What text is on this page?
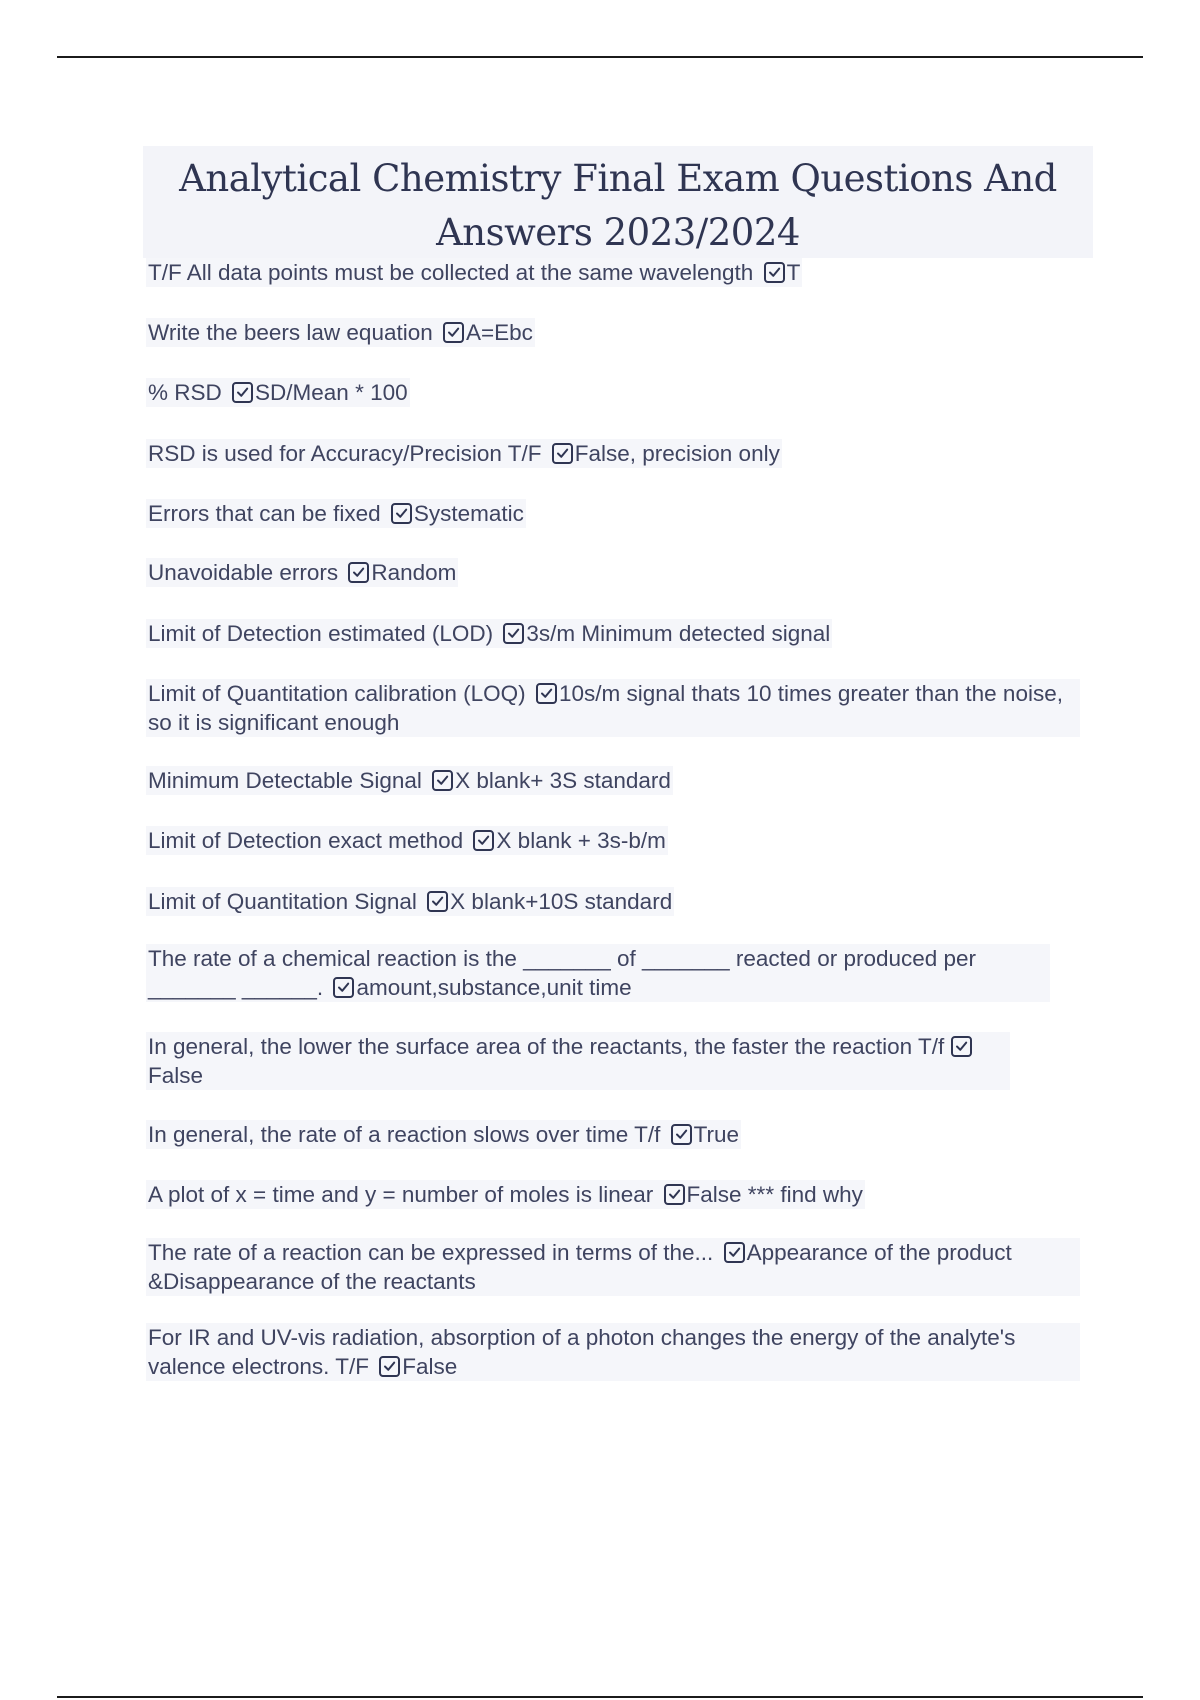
Analytical Chemistry Final Exam Questions And Answers 2023/2024
T/F All data points must be collected at the same wavelength T
Write the beers law equation A=Ebc
% RSD SD/Mean * 100
RSD is used for Accuracy/Precision T/F False, precision only
Errors that can be fixed Systematic
Unavoidable errors Random
Limit of Detection estimated (LOD) 3s/m Minimum detected signal
Limit of Quantitation calibration (LOQ) 10s/m signal thats 10 times greater than the noise, so it is significant enough
Minimum Detectable Signal X blank+ 3S standard
Limit of Detection exact method X blank + 3s-b/m
Limit of Quantitation Signal X blank+10S standard
The rate of a chemical reaction is the _______ of _______ reacted or produced per _______ ______. amount,substance,unit time
In general, the lower the surface area of the reactants, the faster the reaction T/f
False
In general, the rate of a reaction slows over time T/f True
A plot of x = time and y = number of moles is linear False *** find why
The rate of a reaction can be expressed in terms of the... Appearance of the product &Disappearance of the reactants
For IR and UV-vis radiation, absorption of a photon changes the energy of the analyte's valence electrons. T/F False
